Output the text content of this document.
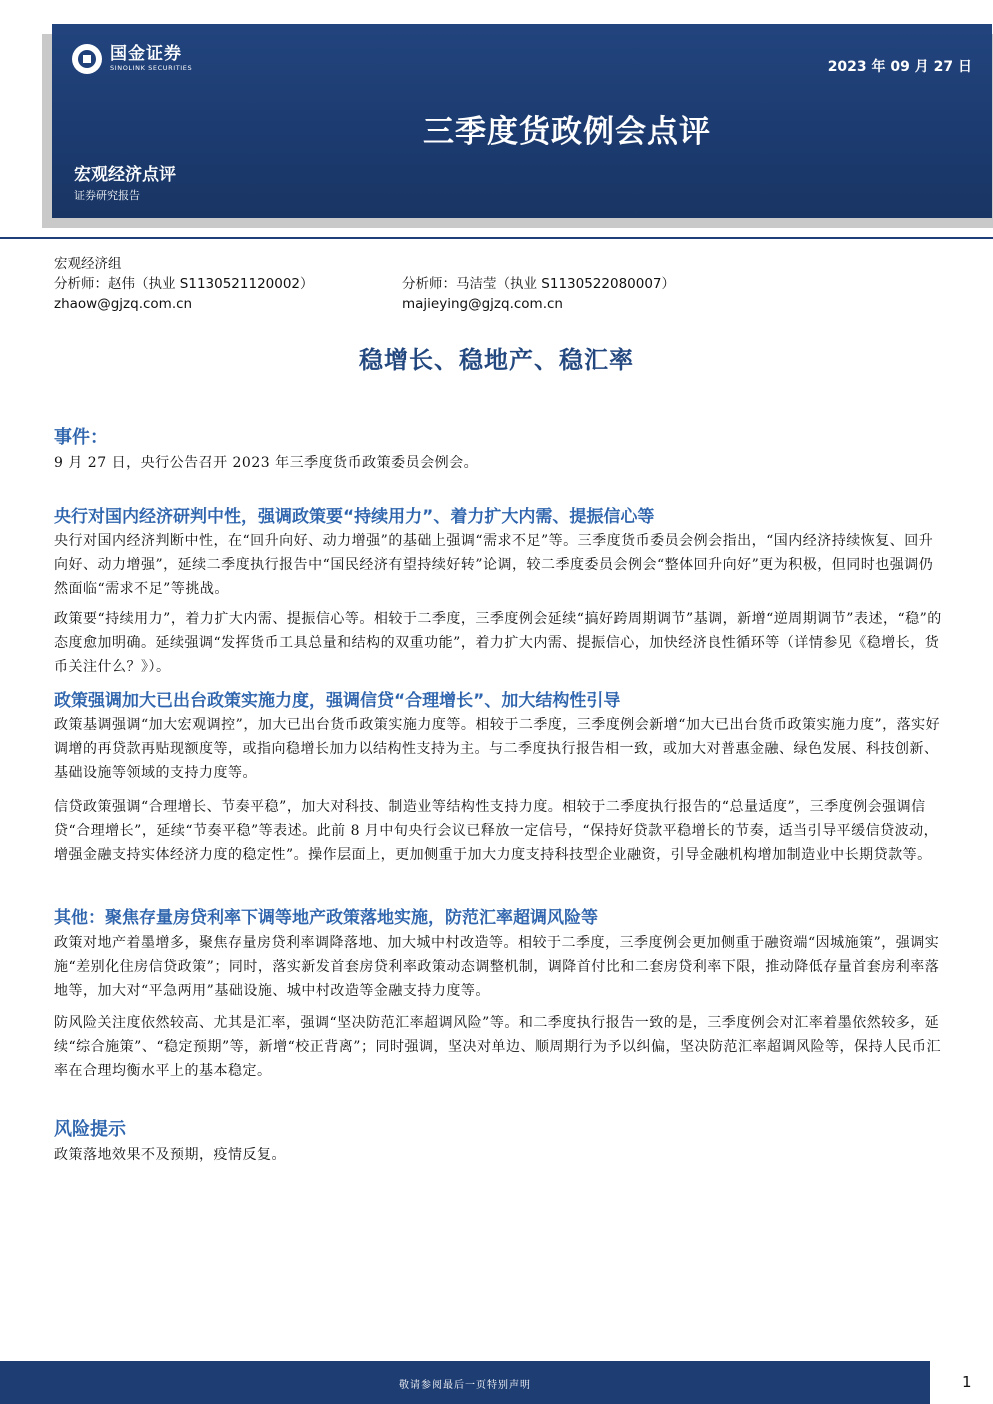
国金证券
SINOLINK SECURITIES	2023 年 09 月 27 日
三季度货政例会点评
宏观经济点评
证券研究报告
宏观经济组
分析师：赵伟（执业 S1130521120002）	分析师：马洁莹（执业 S1130522080007）
zhaow@gjzq.com.cn	majieying@gjzq.com.cn
稳增长、稳地产、稳汇率
事件：
9 月 27 日，央行公告召开 2023 年三季度货币政策委员会例会。
央行对国内经济研判中性，强调政策要“持续用力”、着力扩大内需、提振信心等
央行对国内经济判断中性，在“回升向好、动力增强”的基础上强调“需求不足”等。三季度货币委员会例会指出，“国内经济持续恢复、回升向好、动力增强”，延续二季度执行报告中“国民经济有望持续好转”论调，较二季度委员会例会“整体回升向好”更为积极，但同时也强调仍然面临“需求不足”等挑战。
政策要“持续用力”，着力扩大内需、提振信心等。相较于二季度，三季度例会延续“搞好跨周期调节”基调，新增“逆周期调节”表述，“稳”的态度愈加明确。延续强调“发挥货币工具总量和结构的双重功能”，着力扩大内需、提振信心，加快经济良性循环等（详情参见《稳增长，货币关注什么？》）。
政策强调加大已出台政策实施力度，强调信贷“合理增长”、加大结构性引导
政策基调强调“加大宏观调控”，加大已出台货币政策实施力度等。相较于二季度，三季度例会新增“加大已出台货币政策实施力度”，落实好调增的再贷款再贴现额度等，或指向稳增长加力以结构性支持为主。与二季度执行报告相一致，或加大对普惠金融、绿色发展、科技创新、基础设施等领域的支持力度等。
信贷政策强调“合理增长、节奏平稳”，加大对科技、制造业等结构性支持力度。相较于二季度执行报告的“总量适度”，三季度例会强调信贷“合理增长”，延续“节奏平稳”等表述。此前 8 月中旬央行会议已释放一定信号，“保持好贷款平稳增长的节奏，适当引导平缓信贷波动，增强金融支持实体经济力度的稳定性”。操作层面上，更加侧重于加大力度支持科技型企业融资，引导金融机构增加制造业中长期贷款等。
其他：聚焦存量房贷利率下调等地产政策落地实施，防范汇率超调风险等
政策对地产着墨增多，聚焦存量房贷利率调降落地、加大城中村改造等。相较于二季度，三季度例会更加侧重于融资端“因城施策”，强调实施“差别化住房信贷政策”；同时，落实新发首套房贷利率政策动态调整机制，调降首付比和二套房贷利率下限，推动降低存量首套房利率落地等，加大对“平急两用”基础设施、城中村改造等金融支持力度等。
防风险关注度依然较高、尤其是汇率，强调“坚决防范汇率超调风险”等。和二季度执行报告一致的是，三季度例会对汇率着墨依然较多，延续“综合施策”、“稳定预期”等，新增“校正背离”；同时强调，坚决对单边、顺周期行为予以纠偏，坚决防范汇率超调风险等，保持人民币汇率在合理均衡水平上的基本稳定。
风险提示
政策落地效果不及预期，疫情反复。
敬请参阅最后一页特别声明	1
